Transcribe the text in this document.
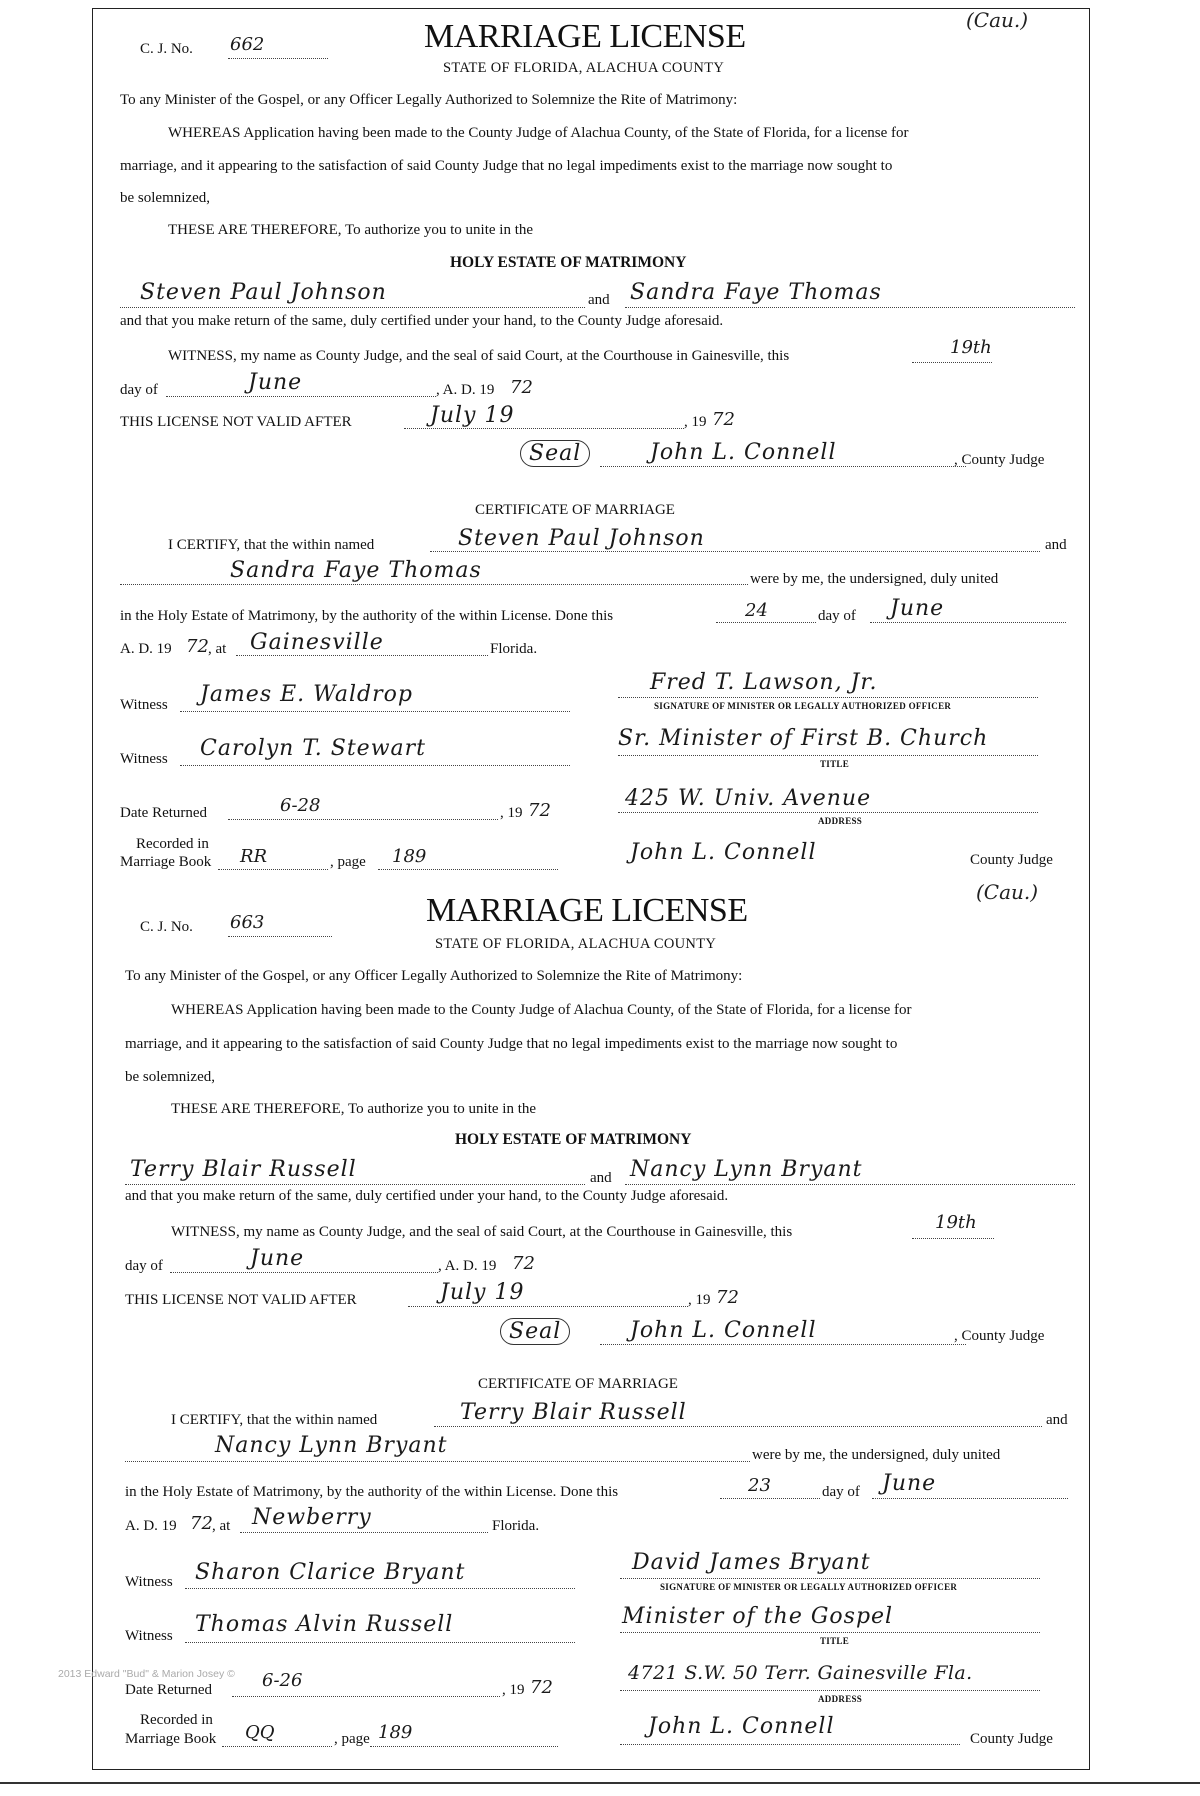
2013 Edward "Bud" & Marion Josey ©
C. J. No. 662	MARRIAGE LICENSE	(Cau.)
STATE OF FLORIDA, ALACHUA COUNTY
To any Minister of the Gospel, or any Officer Legally Authorized to Solemnize the Rite of Matrimony:
WHEREAS Application having been made to the County Judge of Alachua County, of the State of Florida, for a license for
marriage, and it appearing to the satisfaction of said County Judge that no legal impediments exist to the marriage now sought to
be solemnized,
THESE ARE THEREFORE, To authorize you to unite in the
HOLY ESTATE OF MATRIMONY
Steven Paul Johnson	and Sandra Faye Thomas
and that you make return of the same, duly certified under your hand, to the County Judge aforesaid.
WITNESS, my name as County Judge, and the seal of said Court, at the Courthouse in Gainesville, this	19th
day of	June	, A. D. 19 72
THIS LICENSE NOT VALID AFTER	July 19	, 19 72
Seal	John L. Connell	, County Judge
CERTIFICATE OF MARRIAGE
I CERTIFY, that the within named	Steven Paul Johnson	and
Sandra Faye Thomas	were by me, the undersigned, duly united
in the Holy Estate of Matrimony, by the authority of the within License. Done this	24	day of June
A. D. 19 72 , at Gainesville	Florida.
Witness James E. Waldrop	Fred T. Lawson, Jr.
SIGNATURE OF MINISTER OR LEGALLY AUTHORIZED OFFICER
Witness Carolyn T. Stewart	Sr. Minister of First B. Church
TITLE
Date Returned	6-28	, 19 72	425 W. Univ. Avenue
ADDRESS
Recorded in
Marriage Book RR	, page 189	John L. Connell	County Judge
C. J. No. 663	MARRIAGE LICENSE	(Cau.)
STATE OF FLORIDA, ALACHUA COUNTY
To any Minister of the Gospel, or any Officer Legally Authorized to Solemnize the Rite of Matrimony:
WHEREAS Application having been made to the County Judge of Alachua County, of the State of Florida, for a license for
marriage, and it appearing to the satisfaction of said County Judge that no legal impediments exist to the marriage now sought to
be solemnized,
THESE ARE THEREFORE, To authorize you to unite in the
HOLY ESTATE OF MATRIMONY
Terry Blair Russell	and Nancy Lynn Bryant
and that you make return of the same, duly certified under your hand, to the County Judge aforesaid.
WITNESS, my name as County Judge, and the seal of said Court, at the Courthouse in Gainesville, this	19th
day of	June	, A. D. 19 72
THIS LICENSE NOT VALID AFTER	July 19	, 19 72
Seal	John L. Connell	, County Judge
CERTIFICATE OF MARRIAGE
I CERTIFY, that the within named	Terry Blair Russell	and
Nancy Lynn Bryant	were by me, the undersigned, duly united
in the Holy Estate of Matrimony, by the authority of the within License. Done this	23	day of June
A. D. 19 72 , at Newberry	Florida.
Witness Sharon Clarice Bryant	David James Bryant
SIGNATURE OF MINISTER OR LEGALLY AUTHORIZED OFFICER
Witness Thomas Alvin Russell	Minister of the Gospel
TITLE
Date Returned	6-26	, 19 72
4721 S.W. 50 Terr. Gainesville Fla.
ADDRESS
Recorded in
Marriage Book QQ	, page 189	John L. Connell	County Judge
